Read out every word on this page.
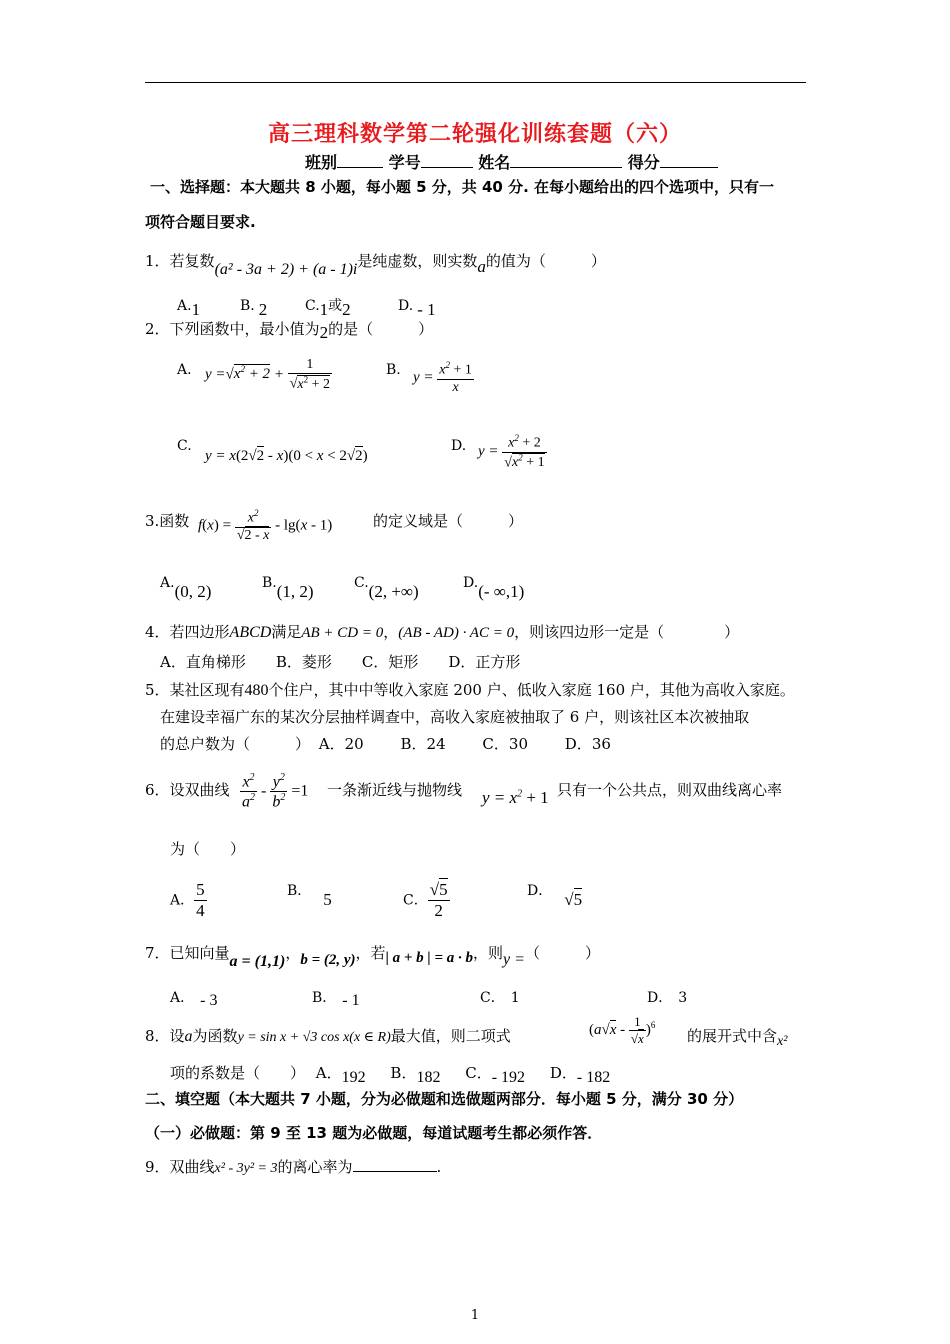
高三理科数学第二轮强化训练套题（六）
班别	学号	姓名	得分
一、选择题：本大题共 8 小题，每小题 5 分，共 40 分. 在每小题给出的四个选项中，只有一
项符合题目要求.
1．若复数(a² - 3a + 2) + (a - 1)i是纯虚数，则实数a的值为（　　　）
A.1	B. 2	C.1或2	D. - 1
2．下列函数中，最小值为2的是（　　　）
A. $y =√x^2 + 2 + \frac{1}{√x^2 + 2}$	B. $y = \frac{x^2 + 1}{x}$
C.
y = x(2√2 - x)(0 < x < 2√2)
D. $y = \frac{x^2 + 2}{√x^2 + 1}$
3.函数 $f(x) = \frac{x^2}{√2 - x} - \lg(x - 1)$	的定义域是（　　　）
A.(0, 2)	B.(1, 2)	C.(2, +∞)	D.(- ∞,1)
4．若四边形ABCD满足AB + CD = 0，(AB - AD) · AC = 0，则该四边形一定是（　　　　）
A．直角梯形　　B．菱形　　C．矩形　　D．正方形
5．某社区现有480个住户，其中中等收入家庭 200 户、低收入家庭 160 户，其他为高收入家庭。
在建设幸福广东的某次分层抽样调查中，高收入家庭被抽取了 6 户，则该社区本次被抽取
的总户数为（　　　） A．20 B．24 C．30 D．36
6．设双曲线 $\frac{x^2}{a^2} - \frac{y^2}{b^2} =1$ 一条渐近线与抛物线 $y = x^2 + 1$ 只有一个公共点，则双曲线离心率
为（　　）
A． $\frac{5}{4}$	B． 5	C． $\frac{√5}{2}$	D． √5
7．已知向量a = (1,1)，b = (2, y)，若| a + b | = a · b，则y =（　　　）
A． - 3	B． - 1	C． 1	D． 3
8．设a为函数y = sin x + √3 cos x(x ∈ R)最大值，则二项式	$(a√x - \frac{1}{√x} )^6$
的展开式中含x²
项的系数是（　　） A．192 B．182 C．- 192 D．- 182
二、填空题（本大题共 7 小题，分为必做题和选做题两部分．每小题 5 分，满分 30 分）
（一）必做题：第 9 至 13 题为必做题，每道试题考生都必须作答．
9．双曲线x² - 3y² = 3的离心率为	.
1
